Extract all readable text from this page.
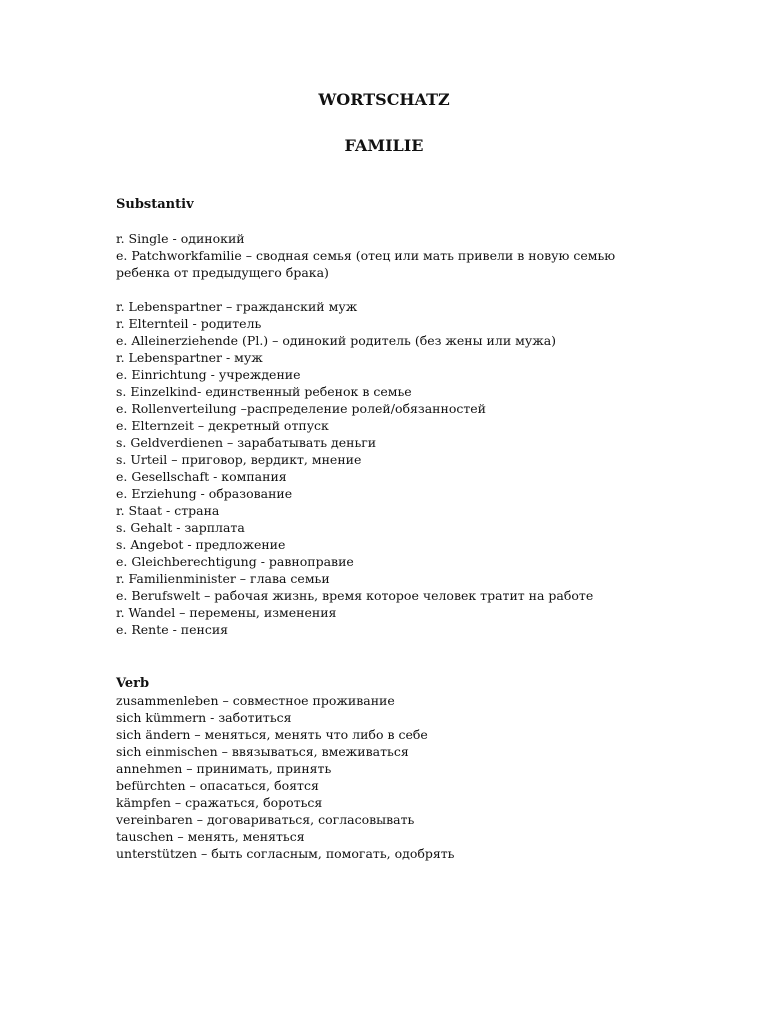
WORTSCHATZ
FAMILIE

Substantiv

r. Single - одинокий

e. Patchworkfamilie – сводная семья (отец или мать привели в новую семью

ребенка от предыдущего брака)

r. Lebenspartner – гражданский муж

r. Elternteil - родитель

e. Alleinerziehende (Pl.) – одинокий родитель (без жены или мужа)

r. Lebenspartner - муж

e. Einrichtung - учреждение

s. Einzelkind- единственный ребенок в семье

e. Rollenverteilung –распределение ролей/обязанностей

e. Elternzeit – декретный отпуск

s. Geldverdienen – зарабатывать деньги

s. Urteil – приговор, вердикт, мнение

e. Gesellschaft - компания

e. Erziehung - образование

r. Staat - страна

s. Gehalt - зарплата

s. Angebot - предложение

e. Gleichberechtigung - равноправие

r. Familienminister – глава семьи

e. Berufswelt – рабочая жизнь, время которое человек тратит на работе

r. Wandel – перемены, изменения

e. Rente - пенсия

Verb

zusammenleben – совместное проживание

sich kümmern - заботиться

sich ändern – меняться, менять что либо в себе

sich einmischen – ввязываться, вмеживаться

annehmen – принимать, принять

befürchten – опасаться, боятся

kämpfen – сражаться, бороться

vereinbaren – договариваться, согласовывать

tauschen – менять, меняться

unterstützen – быть согласным, помогать, одобрять
